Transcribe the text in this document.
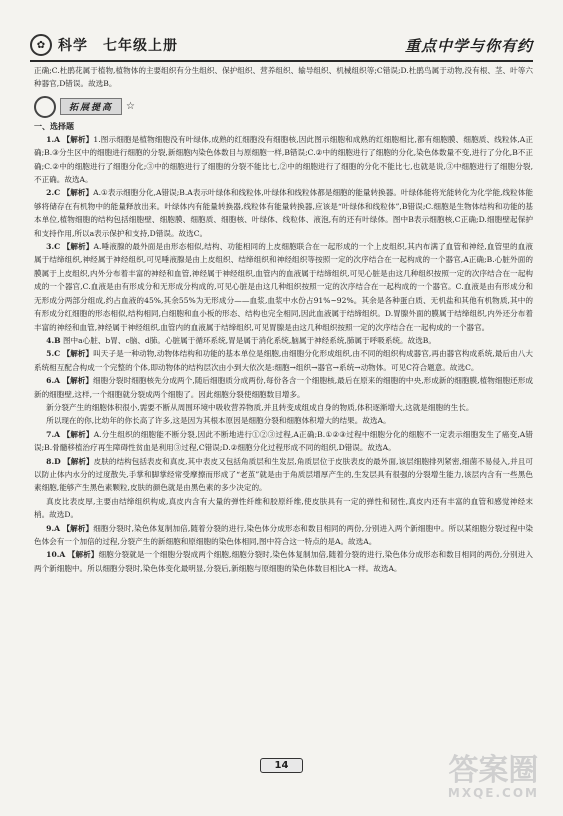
✿ 科学　七年级上册	重点中学与你有约

正确;C.杜鹃花属于植物,植物体的主要组织有分生组织、保护组织、营养组织、输导组织、机械组织等;C错误;D.杜鹃鸟属于动物,没有根、茎、叶等六种器官,D错误。故选B。

拓展提高	☆
一、选择题

1.A 【解析】1.图示细胞是植物细胞没有叶绿体,成熟的红细胞没有细胞核,因此图示细胞和成熟的红细胞相比,都有细胞膜、细胞质、线粒体,A正确;B.③分生区中的细胞进行细胞的分裂,新细胞内染色体数目与原细胞一样,B错误;C.②中的细胞进行了细胞的分化,染色体数量不变,进行了分化,B不正确;C.②中的细胞进行了细胞分化;③中的细胞进行了细胞的分裂不能比七,②中的细胞进行了细胞的分化不能比七,也就是说,③中细胞进行了细胞分裂,不正确。故选A。

2.C 【解析】A.①表示细胞分化,A错误;B.A表示叶绿体和线粒体,叶绿体和线粒体都是细胞的能量转换器。叶绿体能将光能转化为化学能,线粒体能够将储存在有机物中的能量释放出来。叶绿体内有能量转换器,线粒体有能量转换器,应该是“叶绿体和线粒体”,B错误;C.细胞是生物体结构和功能的基本单位,植物细胞的结构包括细胞壁、细胞膜、细胞质、细胞核、叶绿体、线粒体、液泡,有的还有叶绿体。图中B表示细胞核,C正确;D.细胞壁起保护和支持作用,所以a表示保护和支持,D错误。故选C。

3.C 【解析】A.唾液腺的最外面是由形态相似,结构、功能相同的上皮细胞联合在一起形成的一个上皮组织,其内布满了血管和神经,血管里的血液属于结缔组织,神经属于神经组织,可见唾液腺是由上皮组织、结缔组织和神经组织等按照一定的次序结合在一起构成的一个器官,A正确;B.心脏外面的膜属于上皮组织,内外分布着丰富的神经和血管,神经属于神经组织,血管内的血液属于结缔组织,可见心脏是由这几种组织按照一定的次序结合在一起构成的一个器官,C.血液是由有形成分和无形成分构成的,可见心脏是由这几种组织按照一定的次序结合在一起构成的一个器官。C.血液是由有形成分和无形成分两部分组成,约占血液的45%,其余55%为无形成分——血浆,血浆中水份占91%~92%。其余是各种蛋白质、无机盐和其他有机物质,其中的有形成分红细胞的形态相似,结构相同,白细胞和血小板的形态、结构也完全相同,因此血液属于结缔组织。D.胃腺外面的膜属于结缔组织,内外还分布着丰富的神经和血管,神经属于神经组织,血管内的血液属于结缔组织,可见胃腺是由这几种组织按照一定的次序结合在一起构成的一个器官。

4.B 图中a心脏、b胃、c脑、d肺。心脏属于循环系统,胃是属于消化系统,脑属于神经系统,肺属于呼吸系统。故选B。

5.C 【解析】叫天子是一种动物,动物体结构和功能的基本单位是细胞,由细胞分化形成组织,由不同的组织构成器官,再由器官构成系统,最后由八大系统相互配合构成一个完整的个体,即动物体的结构层次由小到大依次是:细胞→组织→器官→系统→动物体。可见C符合题意。故选C。

6.A 【解析】细胞分裂时细胞核先分成两个,随后细胞质分成两份,每份各含一个细胞核,最后在原来的细胞的中央,形成新的细胞膜,植物细胞还形成新的细胞壁,这样,一个细胞就分裂成两个细胞了。因此细胞分裂使细胞数目增多。

新分裂产生的细胞体积很小,需要不断从周围环境中吸收营养物质,并且转变成组成自身的物质,体积逐渐增大,这就是细胞的生长。

所以现在的你,比幼年的你长高了许多,这是因为其根本原因是细胞分裂和细胞体积增大的结果。故选A。

7.A 【解析】A.分生组织的细胞能不断分裂,因此不断地进行①②③过程,A正确;B.①②③过程中细胞分化的细胞不一定表示细胞发生了癌变,A错误;B.骨髓移植治疗再生障碍性贫血是利用③过程,C错误;D.②细胞分化过程形成不同的组织,D错误。故选A。

8.D 【解析】皮肤的结构包括表皮和真皮,其中表皮又包括角质层和生发层,角质层位于皮肤表皮的最外面,该层细胞排列紧密,细菌不易侵入,并且可以防止体内水分的过度散失,手掌和脚掌经常受摩擦而形成了“老茧”就是由于角质层增厚产生的,生发层具有很强的分裂增生能力,该层内含有一些黑色素细胞,能够产生黑色素颗粒,皮肤的颜色就是由黑色素的多少决定的。

真皮比表皮厚,主要由结缔组织构成,真皮内含有大量的弹性纤维和胶原纤维,使皮肤具有一定的弹性和韧性,真皮内还有丰富的血管和感觉神经末梢。故选D。

9.A 【解析】细胞分裂时,染色体复制加倍,随着分裂的进行,染色体分成形态和数目相同的两份,分别进入两个新细胞中。所以某细胞分裂过程中染色体会有一个加倍的过程,分裂产生的新细胞和原细胞的染色体相同,图中符合这一特点的是A。故选A。

10.A 【解析】细胞分裂就是一个细胞分裂成两个细胞,细胞分裂时,染色体复制加倍,随着分裂的进行,染色体分成形态和数目相同的两份,分别进入两个新细胞中。所以细胞分裂时,染色体变化最明显,分裂后,新细胞与原细胞的染色体数目相比A一样。故选A。

14	答案圈
MXQE.COM
